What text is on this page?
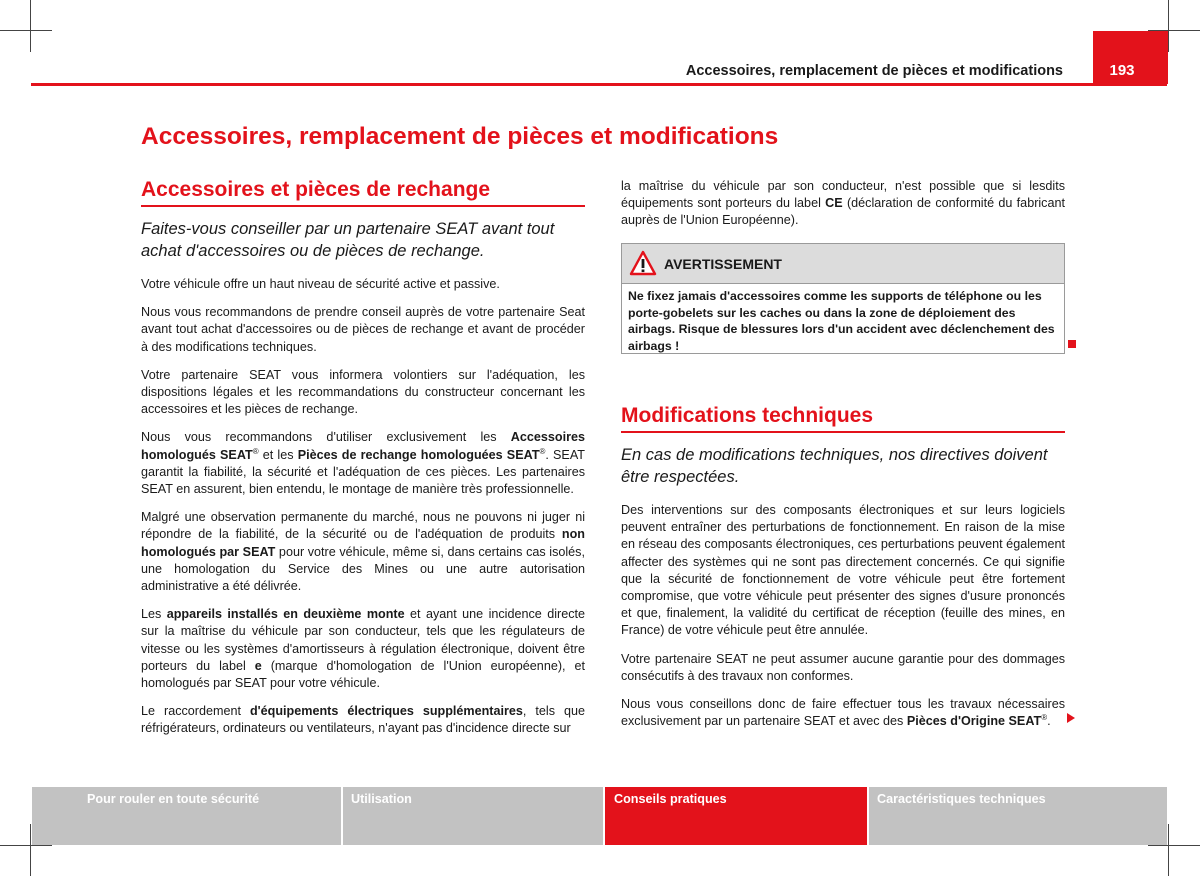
193
Accessoires, remplacement de pièces et modifications
Accessoires, remplacement de pièces et modifications
Accessoires et pièces de rechange

Faites-vous conseiller par un partenaire SEAT avant tout achat d'accessoires ou de pièces de rechange.

Votre véhicule offre un haut niveau de sécurité active et passive.

Nous vous recommandons de prendre conseil auprès de votre partenaire Seat avant tout achat d'accessoires ou de pièces de rechange et avant de procéder à des modifications techniques.

Votre partenaire SEAT vous informera volontiers sur l'adéquation, les dispositions légales et les recommandations du constructeur concernant les accessoires et les pièces de rechange.

Nous vous recommandons d'utiliser exclusivement les Accessoires homologués SEAT® et les Pièces de rechange homologuées SEAT®. SEAT garantit la fiabilité, la sécurité et l'adéquation de ces pièces. Les partenaires SEAT en assurent, bien entendu, le montage de manière très professionnelle.

Malgré une observation permanente du marché, nous ne pouvons ni juger ni répondre de la fiabilité, de la sécurité ou de l'adéquation de produits non homologués par SEAT pour votre véhicule, même si, dans certains cas isolés, une homologation du Service des Mines ou une autre autorisation administrative a été délivrée.

Les appareils installés en deuxième monte et ayant une incidence directe sur la maîtrise du véhicule par son conducteur, tels que les régulateurs de vitesse ou les systèmes d'amortisseurs à régulation électronique, doivent être porteurs du label e (marque d'homologation de l'Union européenne), et homologués par SEAT pour votre véhicule.

Le raccordement d'équipements électriques supplémentaires, tels que réfrigérateurs, ordinateurs ou ventilateurs, n'ayant pas d'incidence directe sur

la maîtrise du véhicule par son conducteur, n'est possible que si lesdits équipements sont porteurs du label CE (déclaration de conformité du fabricant auprès de l'Union Européenne).

AVERTISSEMENT

Ne fixez jamais d'accessoires comme les supports de téléphone ou les porte-gobelets sur les caches ou dans la zone de déploiement des airbags. Risque de blessures lors d'un accident avec déclenchement des airbags !

Modifications techniques

En cas de modifications techniques, nos directives doivent être respectées.

Des interventions sur des composants électroniques et sur leurs logiciels peuvent entraîner des perturbations de fonctionnement. En raison de la mise en réseau des composants électroniques, ces perturbations peuvent également affecter des systèmes qui ne sont pas directement concernés. Ce qui signifie que la sécurité de fonctionnement de votre véhicule peut être fortement compromise, que votre véhicule peut présenter des signes d'usure prononcés et que, finalement, la validité du certificat de réception (feuille des mines, en France) de votre véhicule peut être annulée.

Votre partenaire SEAT ne peut assumer aucune garantie pour des dommages consécutifs à des travaux non conformes.

Nous vous conseillons donc de faire effectuer tous les travaux nécessaires exclusivement par un partenaire SEAT et avec des Pièces d'Origine SEAT®.

Pour rouler en toute sécurité	Utilisation	Conseils pratiques	Caractéristiques techniques
